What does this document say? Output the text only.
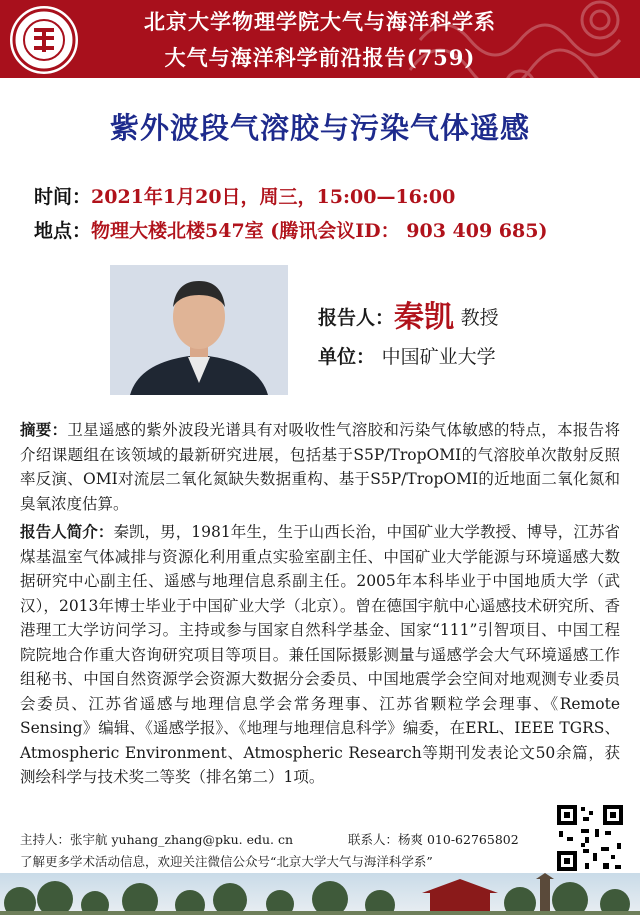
北京大学物理学院大气与海洋科学系
大气与海洋科学前沿报告(759)
紫外波段气溶胶与污染气体遥感
时间：2021年1月20日，周三，15:00—16:00
地点：物理大楼北楼547室 (腾讯会议ID： 903 409 685)
报告人：秦凯 教授
单位： 中国矿业大学
摘要：卫星遥感的紫外波段光谱具有对吸收性气溶胶和污染气体敏感的特点，本报告将介绍课题组在该领域的最新研究进展，包括基于S5P/TropOMI的气溶胶单次散射反照率反演、OMI对流层二氧化氮缺失数据重构、基于S5P/TropOMI的近地面二氧化氮和臭氧浓度估算。
报告人简介：秦凯，男，1981年生，生于山西长治，中国矿业大学教授、博导，江苏省煤基温室气体减排与资源化利用重点实验室副主任、中国矿业大学能源与环境遥感大数据研究中心副主任、遥感与地理信息系副主任。2005年本科毕业于中国地质大学（武汉），2013年博士毕业于中国矿业大学（北京）。曾在德国宇航中心遥感技术研究所、香港理工大学访问学习。主持或参与国家自然科学基金、国家“111”引智项目、中国工程院院地合作重大咨询研究项目等项目。兼任国际摄影测量与遥感学会大气环境遥感工作组秘书、中国自然资源学会资源大数据分会委员、中国地震学会空间对地观测专业委员会委员、江苏省遥感与地理信息学会常务理事、江苏省颗粒学会理事、《Remote Sensing》编辑、《遥感学报》、《地理与地理信息科学》编委，在ERL、IEEE TGRS、Atmospheric Environment、Atmospheric Research等期刊发表论文50余篇，获测绘科学与技术奖二等奖（排名第二）1项。
主持人：张宇航 yuhang_zhang@pku. edu. cn	联系人：杨爽 010-62765802
了解更多学术活动信息，欢迎关注微信公众号“北京大学大气与海洋科学系”
